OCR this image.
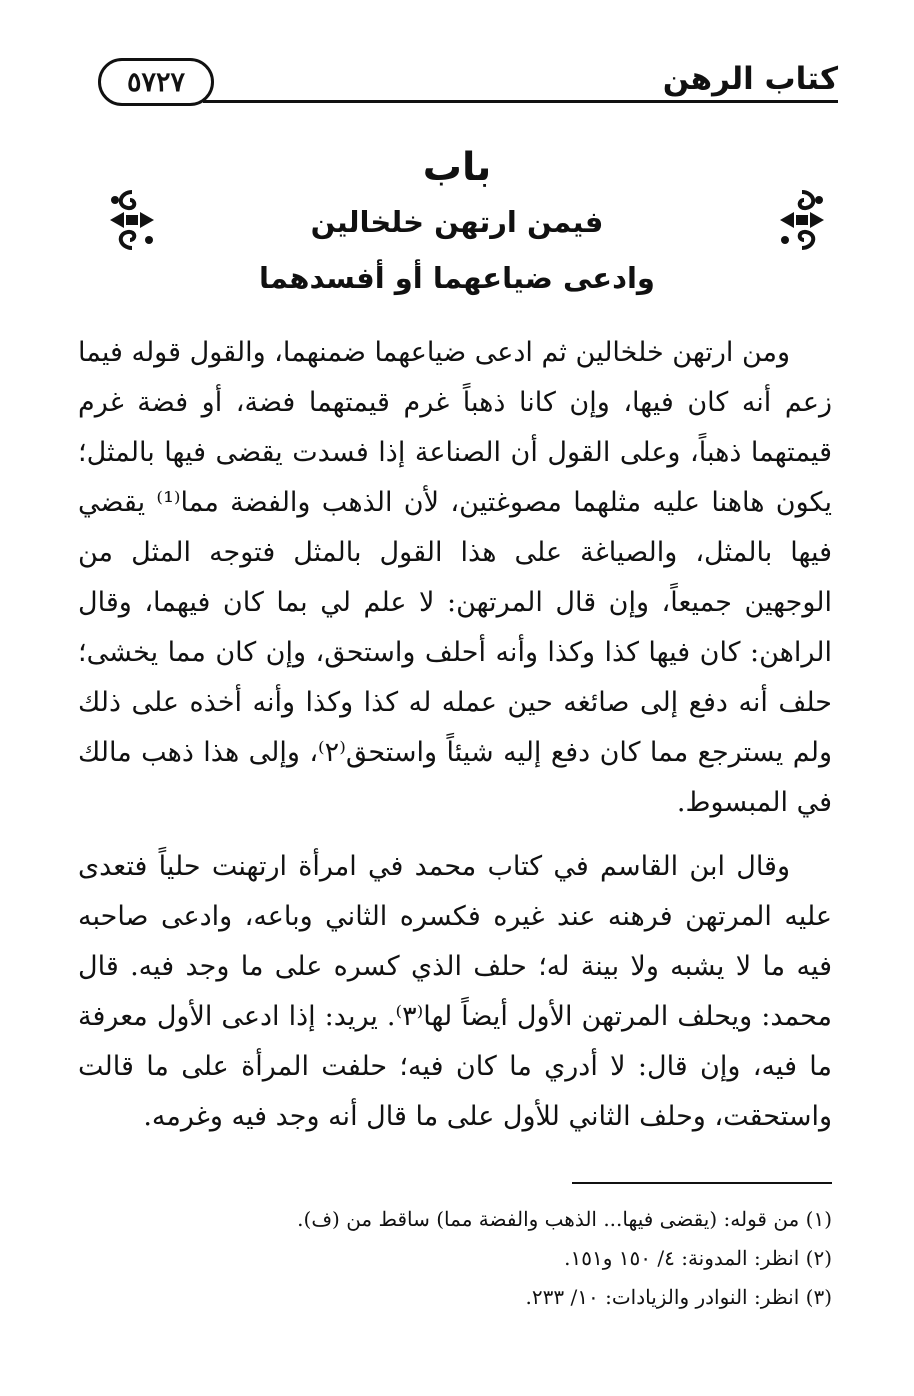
٥٧٢٧	كتاب الرهن
باب
فيمن ارتهن خلخالين
وادعى ضياعهما أو أفسدهما

ومن ارتهن خلخالين ثم ادعى ضياعهما ضمنهما، والقول قوله فيما زعم أنه كان فيها، وإن كانا ذهباً غرم قيمتهما فضة، أو فضة غرم قيمتهما ذهباً، وعلى القول أن الصناعة إذا فسدت يقضى فيها بالمثل؛ يكون هاهنا عليه مثلهما مصوغتين، لأن الذهب والفضة مما⁽¹⁾ يقضي فيها بالمثل، والصياغة على هذا القول بالمثل فتوجه المثل من الوجهين جميعاً، وإن قال المرتهن: لا علم لي بما كان فيهما، وقال الراهن: كان فيها كذا وكذا وأنه أحلف واستحق، وإن كان مما يخشى؛ حلف أنه دفع إلى صائغه حين عمله له كذا وكذا وأنه أخذه على ذلك ولم يسترجع مما كان دفع إليه شيئاً واستحق⁽٢⁾، وإلى هذا ذهب مالك في المبسوط.

وقال ابن القاسم في كتاب محمد في امرأة ارتهنت حلياً فتعدى عليه المرتهن فرهنه عند غيره فكسره الثاني وباعه، وادعى صاحبه فيه ما لا يشبه ولا بينة له؛ حلف الذي كسره على ما وجد فيه. قال محمد: ويحلف المرتهن الأول أيضاً لها⁽٣⁾. يريد: إذا ادعى الأول معرفة ما فيه، وإن قال: لا أدري ما كان فيه؛ حلفت المرأة على ما قالت واستحقت، وحلف الثاني للأول على ما قال أنه وجد فيه وغرمه.

(١) من قوله: (يقضى فيها... الذهب والفضة مما) ساقط من (ف).

(٢) انظر: المدونة: ٤/ ١٥٠ و١٥١.

(٣) انظر: النوادر والزيادات: ١٠/ ٢٣٣.
